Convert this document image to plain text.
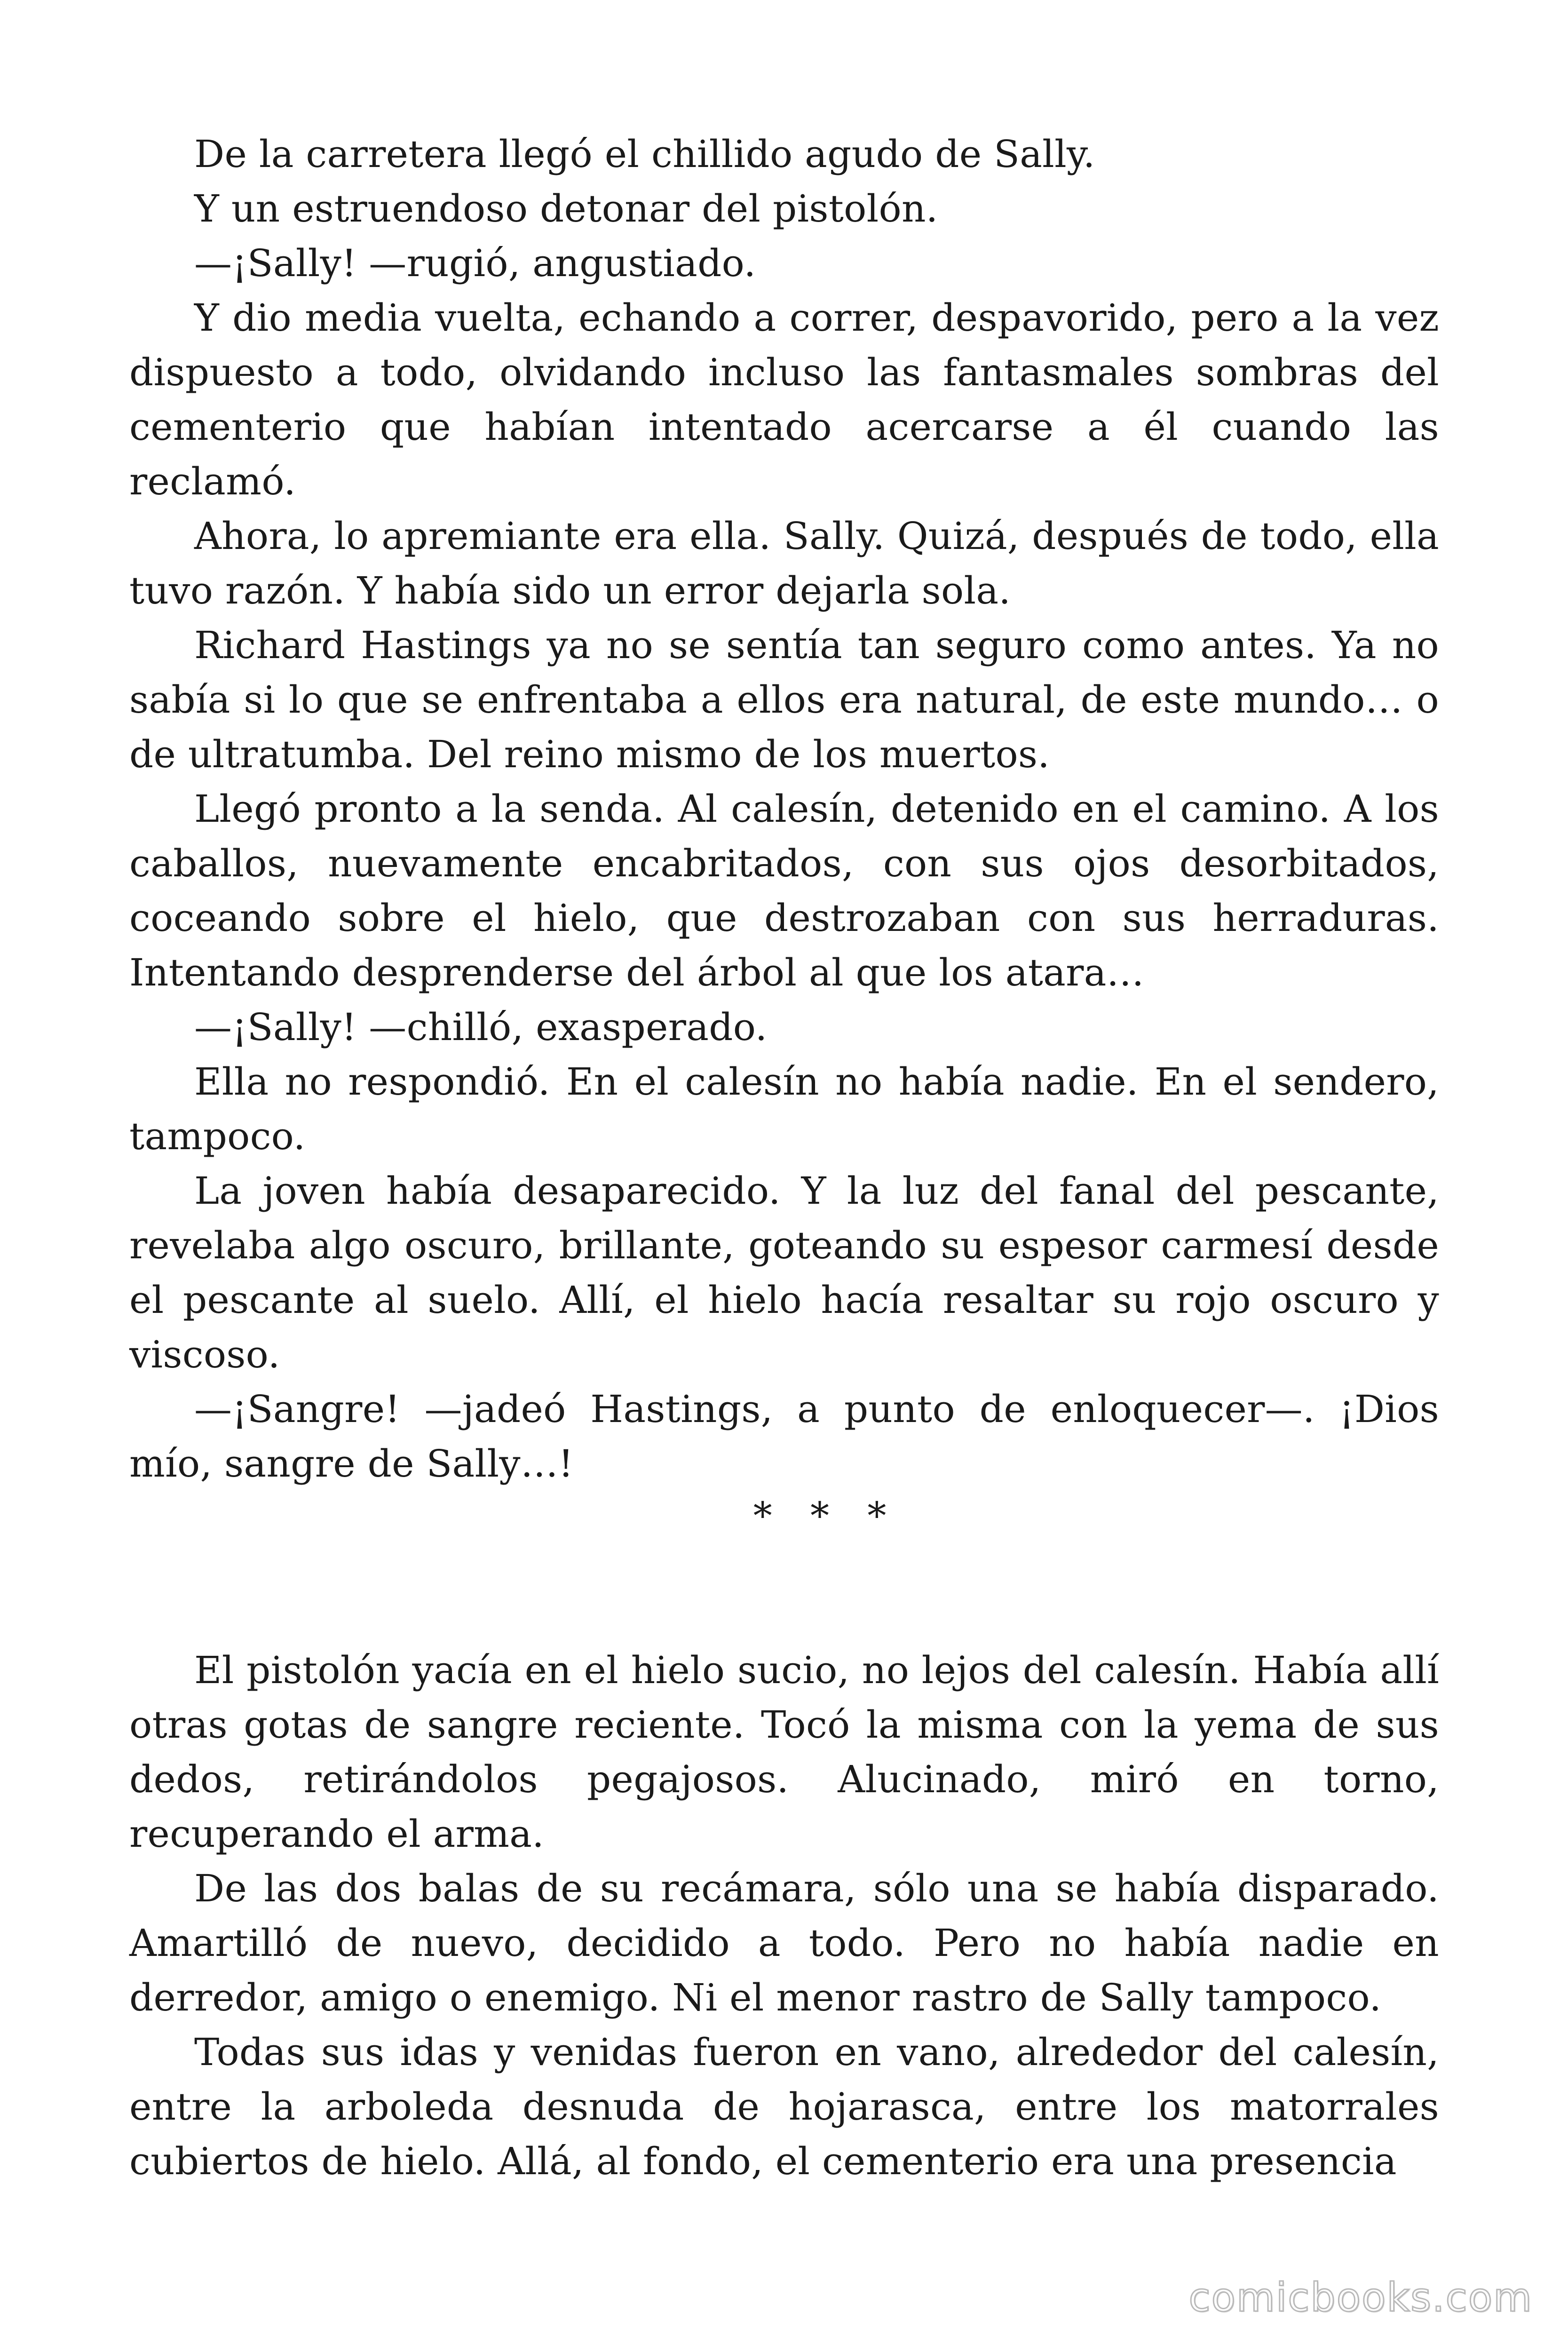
De la carretera llegó el chillido agudo de Sally.

Y un estruendoso detonar del pistolón.

—¡Sally! —rugió, angustiado.

Y dio media vuelta, echando a correr, despavorido, pero a la vez dispuesto a todo, olvidando incluso las fantasmales sombras del cementerio que habían intentado acercarse a él cuando las reclamó.

Ahora, lo apremiante era ella. Sally. Quizá, después de todo, ella tuvo razón. Y había sido un error dejarla sola.

Richard Hastings ya no se sentía tan seguro como antes. Ya no sabía si lo que se enfrentaba a ellos era natural, de este mundo… o de ultratumba. Del reino mismo de los muertos.

Llegó pronto a la senda. Al calesín, detenido en el camino. A los caballos, nuevamente encabritados, con sus ojos desorbitados, coceando sobre el hielo, que destrozaban con sus herraduras. Intentando desprenderse del árbol al que los atara…

—¡Sally! —chilló, exasperado.

Ella no respondió. En el calesín no había nadie. En el sendero, tampoco.

La joven había desaparecido. Y la luz del fanal del pescante, revelaba algo oscuro, brillante, goteando su espesor carmesí desde el pescante al suelo. Allí, el hielo hacía resaltar su rojo oscuro y viscoso.

—¡Sangre! —jadeó Hastings, a punto de enloquecer—. ¡Dios mío, sangre de Sally…!

* * *

El pistolón yacía en el hielo sucio, no lejos del calesín. Había allí otras gotas de sangre reciente. Tocó la misma con la yema de sus dedos, retirándolos pegajosos. Alucinado, miró en torno, recuperando el arma.

De las dos balas de su recámara, sólo una se había disparado. Amartilló de nuevo, decidido a todo. Pero no había nadie en derredor, amigo o enemigo. Ni el menor rastro de Sally tampoco.

Todas sus idas y venidas fueron en vano, alrededor del calesín, entre la arboleda desnuda de hojarasca, entre los matorrales cubiertos de hielo. Allá, al fondo, el cementerio era una presencia

comicbooks.com
